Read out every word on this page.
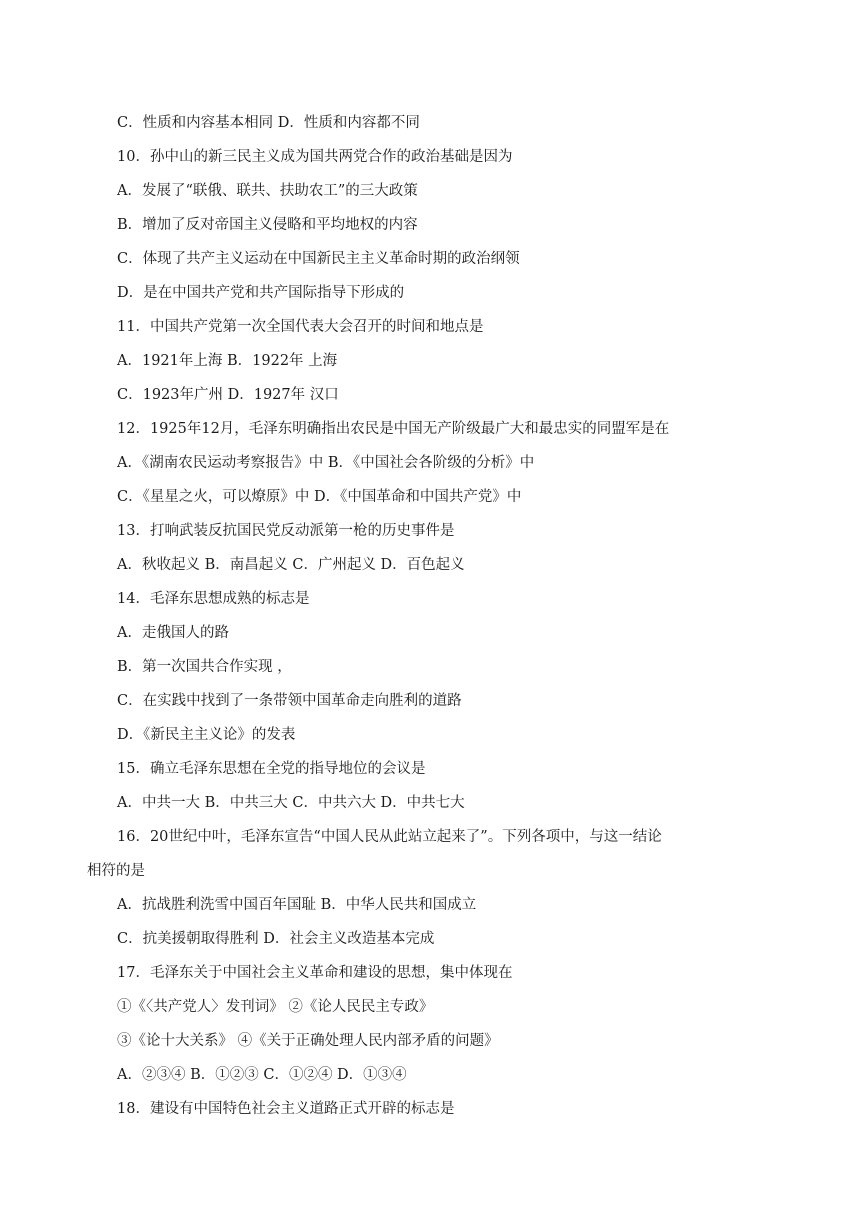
C．性质和内容基本相同 D．性质和内容都不同
10．孙中山的新三民主义成为国共两党合作的政治基础是因为
A．发展了“联俄、联共、扶助农工”的三大政策
B．增加了反对帝国主义侵略和平均地权的内容
C．体现了共产主义运动在中国新民主主义革命时期的政治纲领
D．是在中国共产党和共产国际指导下形成的
11．中国共产党第一次全国代表大会召开的时间和地点是
A．1921年上海 B．1922年 上海
C．1923年广州 D．1927年 汉口
12．1925年12月，毛泽东明确指出农民是中国无产阶级最广大和最忠实的同盟军是在
A．《湖南农民运动考察报告》中 B．《中国社会各阶级的分析》中
C．《星星之火，可以燎原》中 D．《中国革命和中国共产党》中
13．打响武装反抗国民党反动派第一枪的历史事件是
A．秋收起义 B．南昌起义 C．广州起义 D．百色起义
14．毛泽东思想成熟的标志是
A．走俄国人的路
B．第一次国共合作实现 ，
C．在实践中找到了一条带领中国革命走向胜利的道路
D．《新民主主义论》的发表
15．确立毛泽东思想在全党的指导地位的会议是
A．中共一大 B．中共三大 C．中共六大 D．中共七大
16．20世纪中叶，毛泽东宣告“中国人民从此站立起来了”。下列各项中，与这一结论
相符的是
A．抗战胜利洗雪中国百年国耻 B．中华人民共和国成立
C．抗美援朝取得胜利 D．社会主义改造基本完成
17．毛泽东关于中国社会主义革命和建设的思想，集中体现在
①《〈共产党人〉发刊词》 ②《论人民民主专政》
③《论十大关系》 ④《关于正确处理人民内部矛盾的问题》
A．②③④ B．①②③ C．①②④ D．①③④
18．建设有中国特色社会主义道路正式开辟的标志是
